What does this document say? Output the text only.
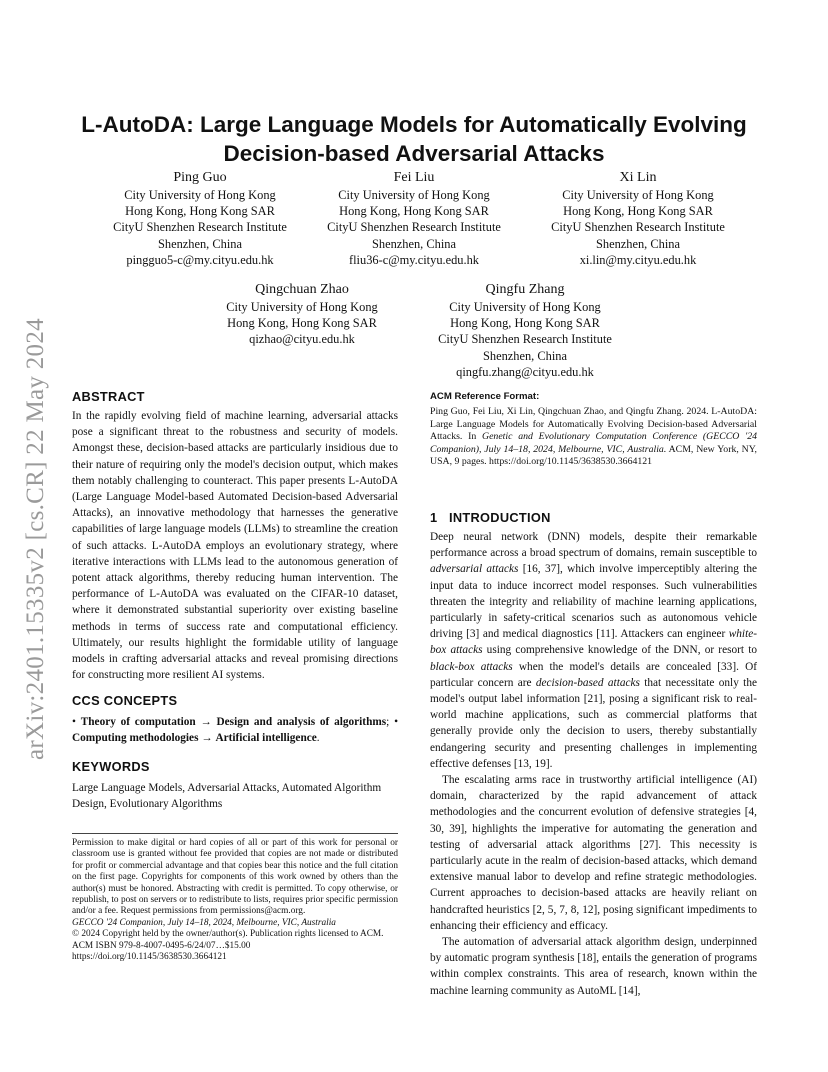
arXiv:2401.15335v2 [cs.CR] 22 May 2024
L-AutoDA: Large Language Models for Automatically Evolving
Decision-based Adversarial Attacks
Ping Guo
City University of Hong Kong
Hong Kong, Hong Kong SAR
CityU Shenzhen Research Institute
Shenzhen, China
pingguo5-c@my.cityu.edu.hk
Fei Liu
City University of Hong Kong
Hong Kong, Hong Kong SAR
CityU Shenzhen Research Institute
Shenzhen, China
fliu36-c@my.cityu.edu.hk
Xi Lin
City University of Hong Kong
Hong Kong, Hong Kong SAR
CityU Shenzhen Research Institute
Shenzhen, China
xi.lin@my.cityu.edu.hk
Qingchuan Zhao
City University of Hong Kong
Hong Kong, Hong Kong SAR
qizhao@cityu.edu.hk
Qingfu Zhang
City University of Hong Kong
Hong Kong, Hong Kong SAR
CityU Shenzhen Research Institute
Shenzhen, China
qingfu.zhang@cityu.edu.hk
ABSTRACT

In the rapidly evolving field of machine learning, adversarial attacks pose a significant threat to the robustness and security of models. Amongst these, decision-based attacks are particularly insidious due to their nature of requiring only the model's decision output, which makes them notably challenging to counteract. This paper presents L-AutoDA (Large Language Model-based Automated Decision-based Adversarial Attacks), an innovative methodology that harnesses the generative capabilities of large language models (LLMs) to streamline the creation of such attacks. L-AutoDA employs an evolutionary strategy, where iterative interactions with LLMs lead to the autonomous generation of potent attack algorithms, thereby reducing human intervention. The performance of L-AutoDA was evaluated on the CIFAR-10 dataset, where it demonstrated substantial superiority over existing baseline methods in terms of success rate and computational efficiency. Ultimately, our results highlight the formidable utility of language models in crafting adversarial attacks and reveal promising directions for constructing more resilient AI systems.

CCS CONCEPTS

• Theory of computation → Design and analysis of algorithms; • Computing methodologies → Artificial intelligence.

KEYWORDS

Large Language Models, Adversarial Attacks, Automated Algorithm Design, Evolutionary Algorithms

Permission to make digital or hard copies of all or part of this work for personal or classroom use is granted without fee provided that copies are not made or distributed for profit or commercial advantage and that copies bear this notice and the full citation on the first page. Copyrights for components of this work owned by others than the author(s) must be honored. Abstracting with credit is permitted. To copy otherwise, or republish, to post on servers or to redistribute to lists, requires prior specific permission and/or a fee. Request permissions from permissions@acm.org.

GECCO '24 Companion, July 14–18, 2024, Melbourne, VIC, Australia

© 2024 Copyright held by the owner/author(s). Publication rights licensed to ACM.

ACM ISBN 979-8-4007-0495-6/24/07…$15.00

https://doi.org/10.1145/3638530.3664121

ACM Reference Format:

Ping Guo, Fei Liu, Xi Lin, Qingchuan Zhao, and Qingfu Zhang. 2024. L-AutoDA: Large Language Models for Automatically Evolving Decision-based Adversarial Attacks. In Genetic and Evolutionary Computation Conference (GECCO '24 Companion), July 14–18, 2024, Melbourne, VIC, Australia. ACM, New York, NY, USA, 9 pages. https://doi.org/10.1145/3638530.3664121

1 INTRODUCTION

Deep neural network (DNN) models, despite their remarkable performance across a broad spectrum of domains, remain susceptible to adversarial attacks [16, 37], which involve imperceptibly altering the input data to induce incorrect model responses. Such vulnerabilities threaten the integrity and reliability of machine learning applications, particularly in safety-critical scenarios such as autonomous vehicle driving [3] and medical diagnostics [11]. Attackers can engineer white-box attacks using comprehensive knowledge of the DNN, or resort to black-box attacks when the model's details are concealed [33]. Of particular concern are decision-based attacks that necessitate only the model's output label information [21], posing a significant risk to real-world machine applications, such as commercial platforms that generally provide only the decision to users, thereby substantially endangering security and presenting challenges in implementing effective defenses [13, 19].

The escalating arms race in trustworthy artificial intelligence (AI) domain, characterized by the rapid advancement of attack methodologies and the concurrent evolution of defensive strategies [4, 30, 39], highlights the imperative for automating the generation and testing of adversarial attack algorithms [27]. This necessity is particularly acute in the realm of decision-based attacks, which demand extensive manual labor to develop and refine strategic methodologies. Current approaches to decision-based attacks are heavily reliant on handcrafted heuristics [2, 5, 7, 8, 12], posing significant impediments to enhancing their efficiency and efficacy.

The automation of adversarial attack algorithm design, underpinned by automatic program synthesis [18], entails the generation of programs within complex constraints. This area of research, known within the machine learning community as AutoML [14],
